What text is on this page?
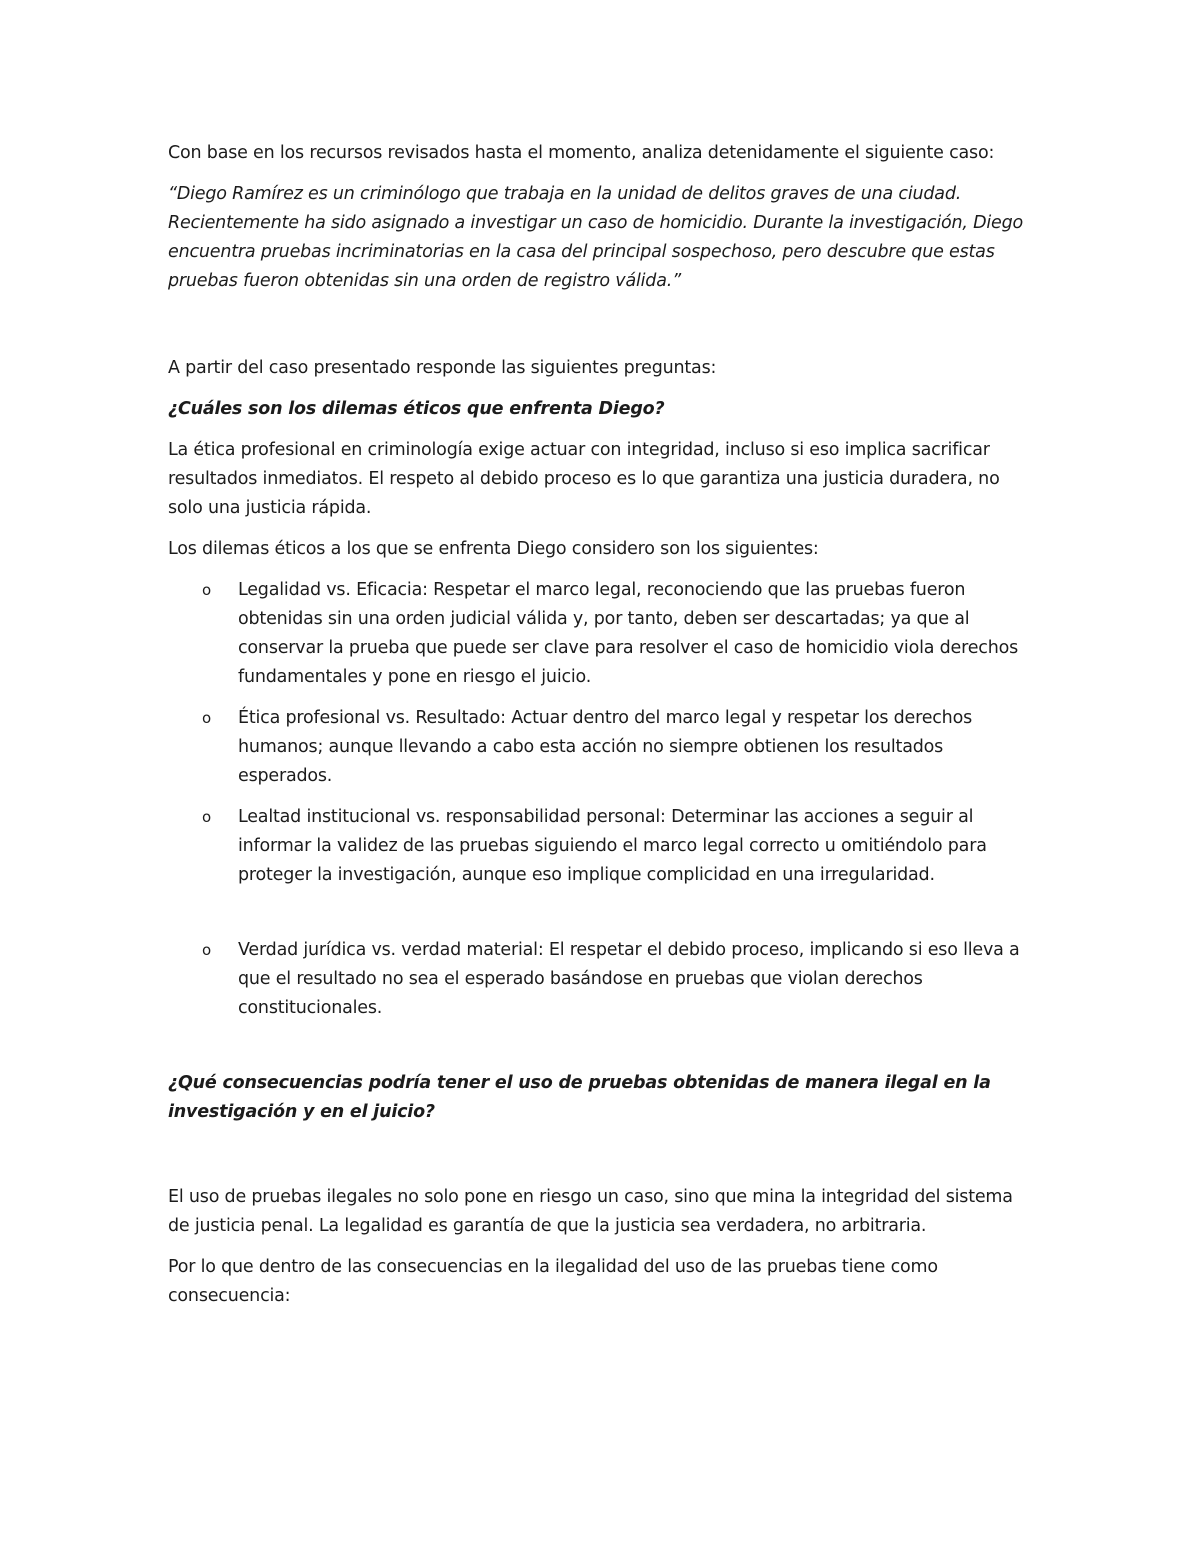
Con base en los recursos revisados hasta el momento, analiza detenidamente el siguiente caso:

“Diego Ramírez es un criminólogo que trabaja en la unidad de delitos graves de una ciudad. Recientemente ha sido asignado a investigar un caso de homicidio. Durante la investigación, Diego encuentra pruebas incriminatorias en la casa del principal sospechoso, pero descubre que estas pruebas fueron obtenidas sin una orden de registro válida.”

A partir del caso presentado responde las siguientes preguntas:

¿Cuáles son los dilemas éticos que enfrenta Diego?

La ética profesional en criminología exige actuar con integridad, incluso si eso implica sacrificar resultados inmediatos. El respeto al debido proceso es lo que garantiza una justicia duradera, no solo una justicia rápida.

Los dilemas éticos a los que se enfrenta Diego considero son los siguientes:

o Legalidad vs. Eficacia: Respetar el marco legal, reconociendo que las pruebas fueron obtenidas sin una orden judicial válida y, por tanto, deben ser descartadas; ya que al conservar la prueba que puede ser clave para resolver el caso de homicidio viola derechos fundamentales y pone en riesgo el juicio.
o Ética profesional vs. Resultado: Actuar dentro del marco legal y respetar los derechos humanos; aunque llevando a cabo esta acción no siempre obtienen los resultados esperados.
o Lealtad institucional vs. responsabilidad personal: Determinar las acciones a seguir al informar la validez de las pruebas siguiendo el marco legal correcto u omitiéndolo para proteger la investigación, aunque eso implique complicidad en una irregularidad.
o Verdad jurídica vs. verdad material: El respetar el debido proceso, implicando si eso lleva a que el resultado no sea el esperado basándose en pruebas que violan derechos constitucionales.

¿Qué consecuencias podría tener el uso de pruebas obtenidas de manera ilegal en la investigación y en el juicio?

El uso de pruebas ilegales no solo pone en riesgo un caso, sino que mina la integridad del sistema de justicia penal. La legalidad es garantía de que la justicia sea verdadera, no arbitraria.

Por lo que dentro de las consecuencias en la ilegalidad del uso de las pruebas tiene como consecuencia:
